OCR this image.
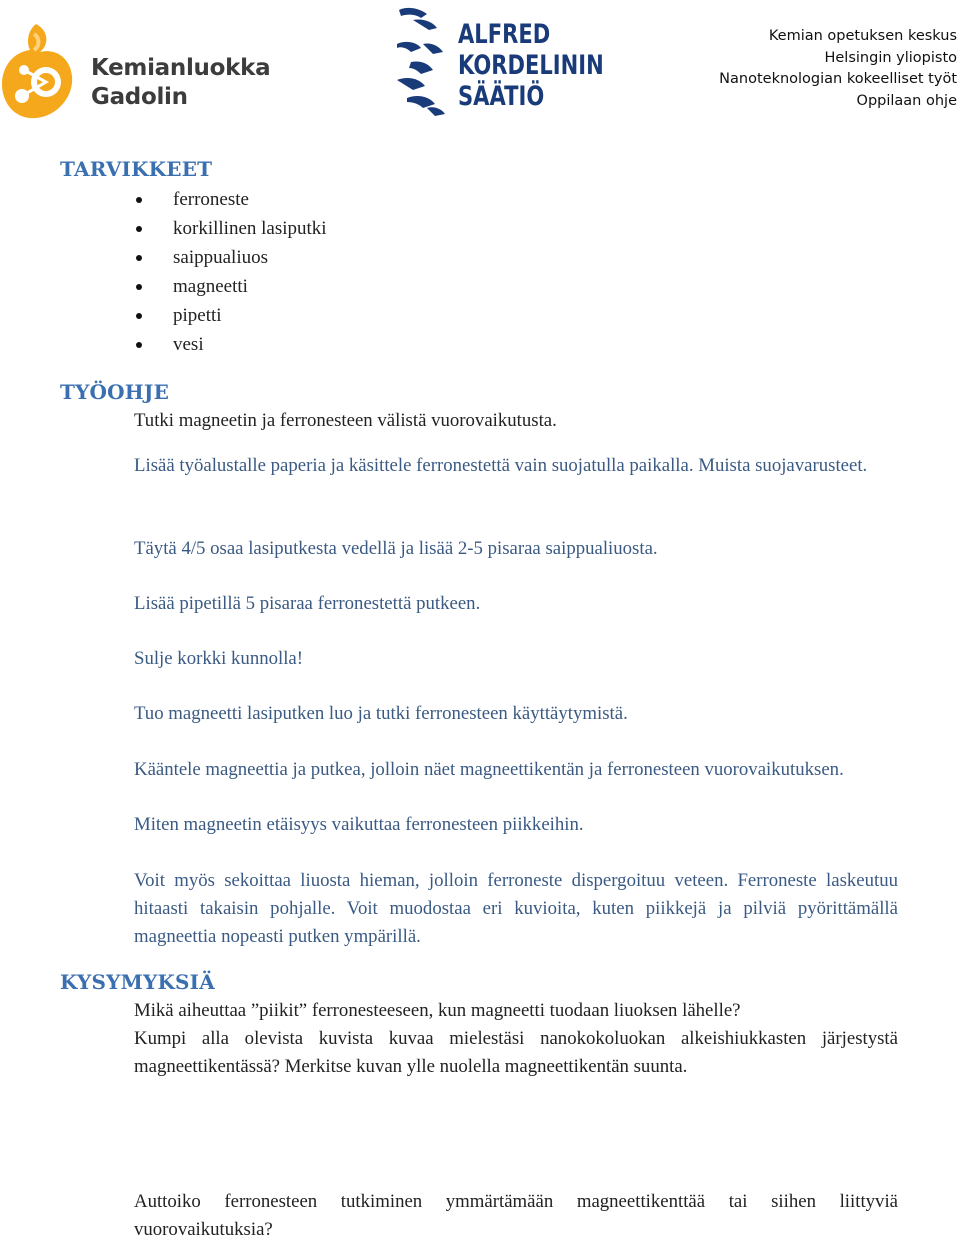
Kemianluokka
Gadolin
ALFRED
KORDELININ
SÄÄTIÖ
Kemian opetuksen keskus
Helsingin yliopisto
Nanoteknologian kokeelliset työt
Oppilaan ohje
TARVIKKEET
ferroneste
korkillinen lasiputki
saippualiuos
magneetti
pipetti
vesi
TYÖOHJE
Tutki magneetin ja ferronesteen välistä vuorovaikutusta.
Lisää työalustalle paperia ja käsittele ferronestettä vain suojatulla paikalla. Muista suojavarusteet.
Täytä 4/5 osaa lasiputkesta vedellä ja lisää 2-5 pisaraa saippualiuosta.
Lisää pipetillä 5 pisaraa ferronestettä putkeen.
Sulje korkki kunnolla!
Tuo magneetti lasiputken luo ja tutki ferronesteen käyttäytymistä.
Kääntele magneettia ja putkea, jolloin näet magneettikentän ja ferronesteen vuorovaikutuksen.
Miten magneetin etäisyys vaikuttaa ferronesteen piikkeihin.
Voit myös sekoittaa liuosta hieman, jolloin ferroneste dispergoituu veteen. Ferroneste laskeutuu hitaasti takaisin pohjalle. Voit muodostaa eri kuvioita, kuten piikkejä ja pilviä pyörittämällä magneettia nopeasti putken ympärillä.
KYSYMYKSIÄ
Mikä aiheuttaa ”piikit” ferronesteeseen, kun magneetti tuodaan liuoksen lähelle?
Kumpi alla olevista kuvista kuvaa mielestäsi nanokokoluokan alkeishiukkasten järjestystä magneettikentässä? Merkitse kuvan ylle nuolella magneettikentän suunta.
Auttoiko ferronesteen tutkiminen ymmärtämään magneettikenttää tai siihen liittyviä vuorovaikutuksia?
